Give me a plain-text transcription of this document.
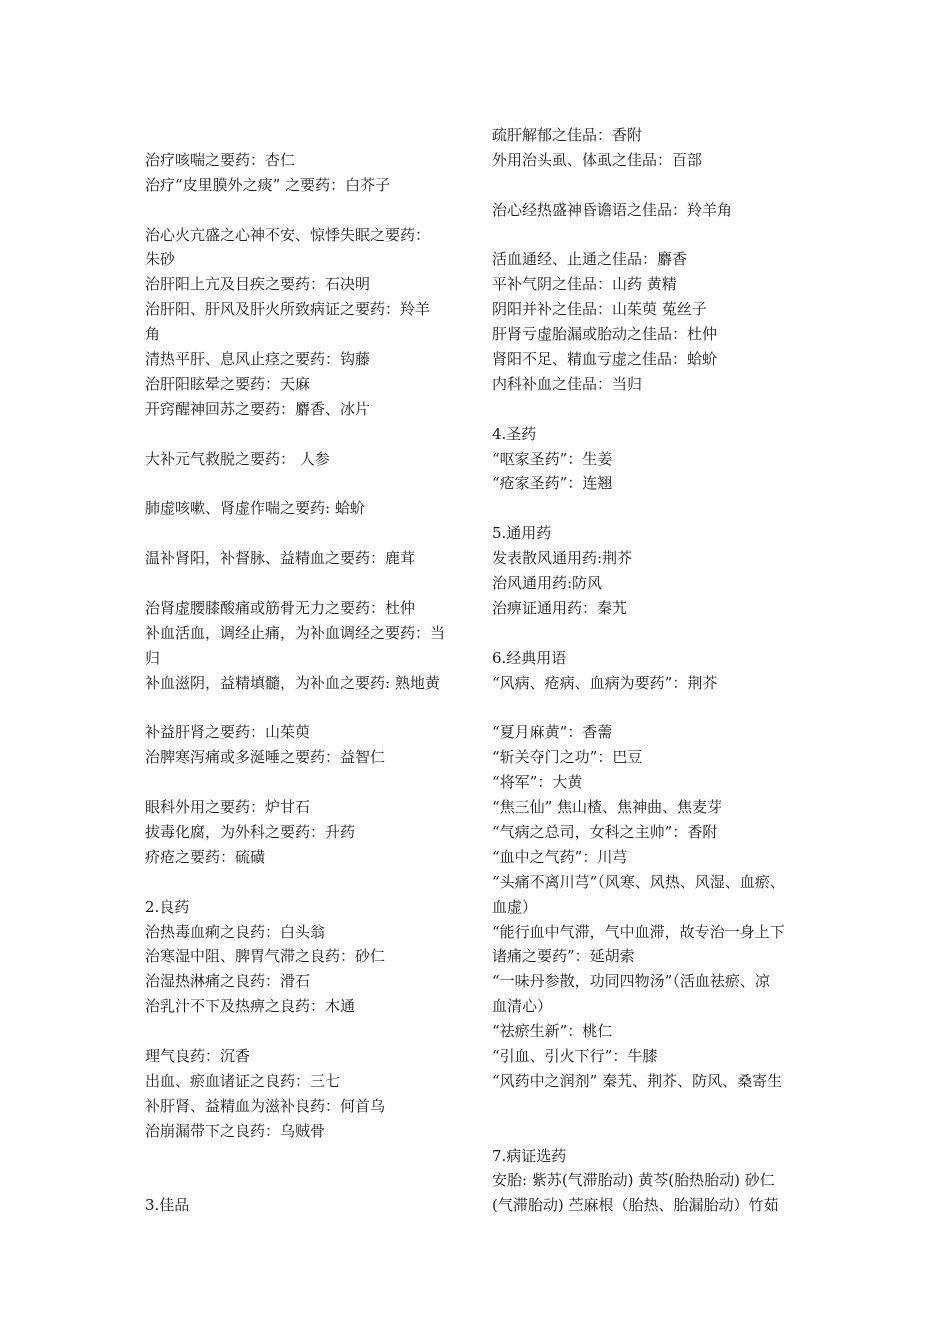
治疗咳喘之要药：杏仁
治疗“皮里膜外之痰” 之要药：白芥子
治心火亢盛之心神不安、惊悸失眠之要药：
朱砂
治肝阳上亢及目疾之要药：石决明
治肝阳、肝风及肝火所致病证之要药：羚羊
角
清热平肝、息风止痉之要药：钩藤
治肝阳眩晕之要药：天麻
开窍醒神回苏之要药：麝香、冰片
大补元气救脱之要药： 人参
肺虚咳嗽、肾虚作喘之要药: 蛤蚧
温补肾阳，补督脉、益精血之要药：鹿茸
治肾虚腰膝酸痛或筋骨无力之要药：杜仲
补血活血，调经止痛，为补血调经之要药：当
归
补血滋阴，益精填髓，为补血之要药: 熟地黄
补益肝肾之要药：山茱萸
治脾寒泻痛或多涎唾之要药：益智仁
眼科外用之要药：炉甘石
拔毒化腐，为外科之要药：升药
疥疮之要药：硫磺
2.良药
治热毒血痢之良药：白头翁
治寒湿中阻、脾胃气滞之良药：砂仁
治湿热淋痛之良药：滑石
治乳汁不下及热痹之良药：木通
理气良药：沉香
出血、瘀血诸证之良药：三七
补肝肾、益精血为滋补良药：何首乌
治崩漏带下之良药：乌贼骨
3.佳品
疏肝解郁之佳品：香附
外用治头虱、体虱之佳品：百部
治心经热盛神昏谵语之佳品：羚羊角
活血通经、止通之佳品：麝香
平补气阴之佳品：山药 黄精
阴阳并补之佳品：山茱萸 菟丝子
肝肾亏虚胎漏或胎动之佳品：杜仲
肾阳不足、精血亏虚之佳品：蛤蚧
内科补血之佳品：当归
4.圣药
“呕家圣药”：生姜
“疮家圣药”：连翘
5.通用药
发表散风通用药:荆芥
治风通用药:防风
治痹证通用药：秦艽
6.经典用语
“风病、疮病、血病为要药”：荆芥
“夏月麻黄”：香薷
“斩关夺门之功”：巴豆
“将军”：大黄
“焦三仙” 焦山楂、焦神曲、焦麦芽
“气病之总司，女科之主帅”：香附
“血中之气药”：川芎
“头痛不离川芎”（风寒、风热、风湿、血瘀、
血虚）
“能行血中气滞，气中血滞，故专治一身上下
诸痛之要药”：延胡索
“一味丹参散，功同四物汤”（活血祛瘀、凉
血清心）
“祛瘀生新”：桃仁
“引血、引火下行”：牛膝
“风药中之润剂” 秦艽、荆芥、防风、桑寄生
7.病证选药
安胎: 紫苏(气滞胎动) 黄芩(胎热胎动) 砂仁
(气滞胎动) 苎麻根（胎热、胎漏胎动）竹茹
